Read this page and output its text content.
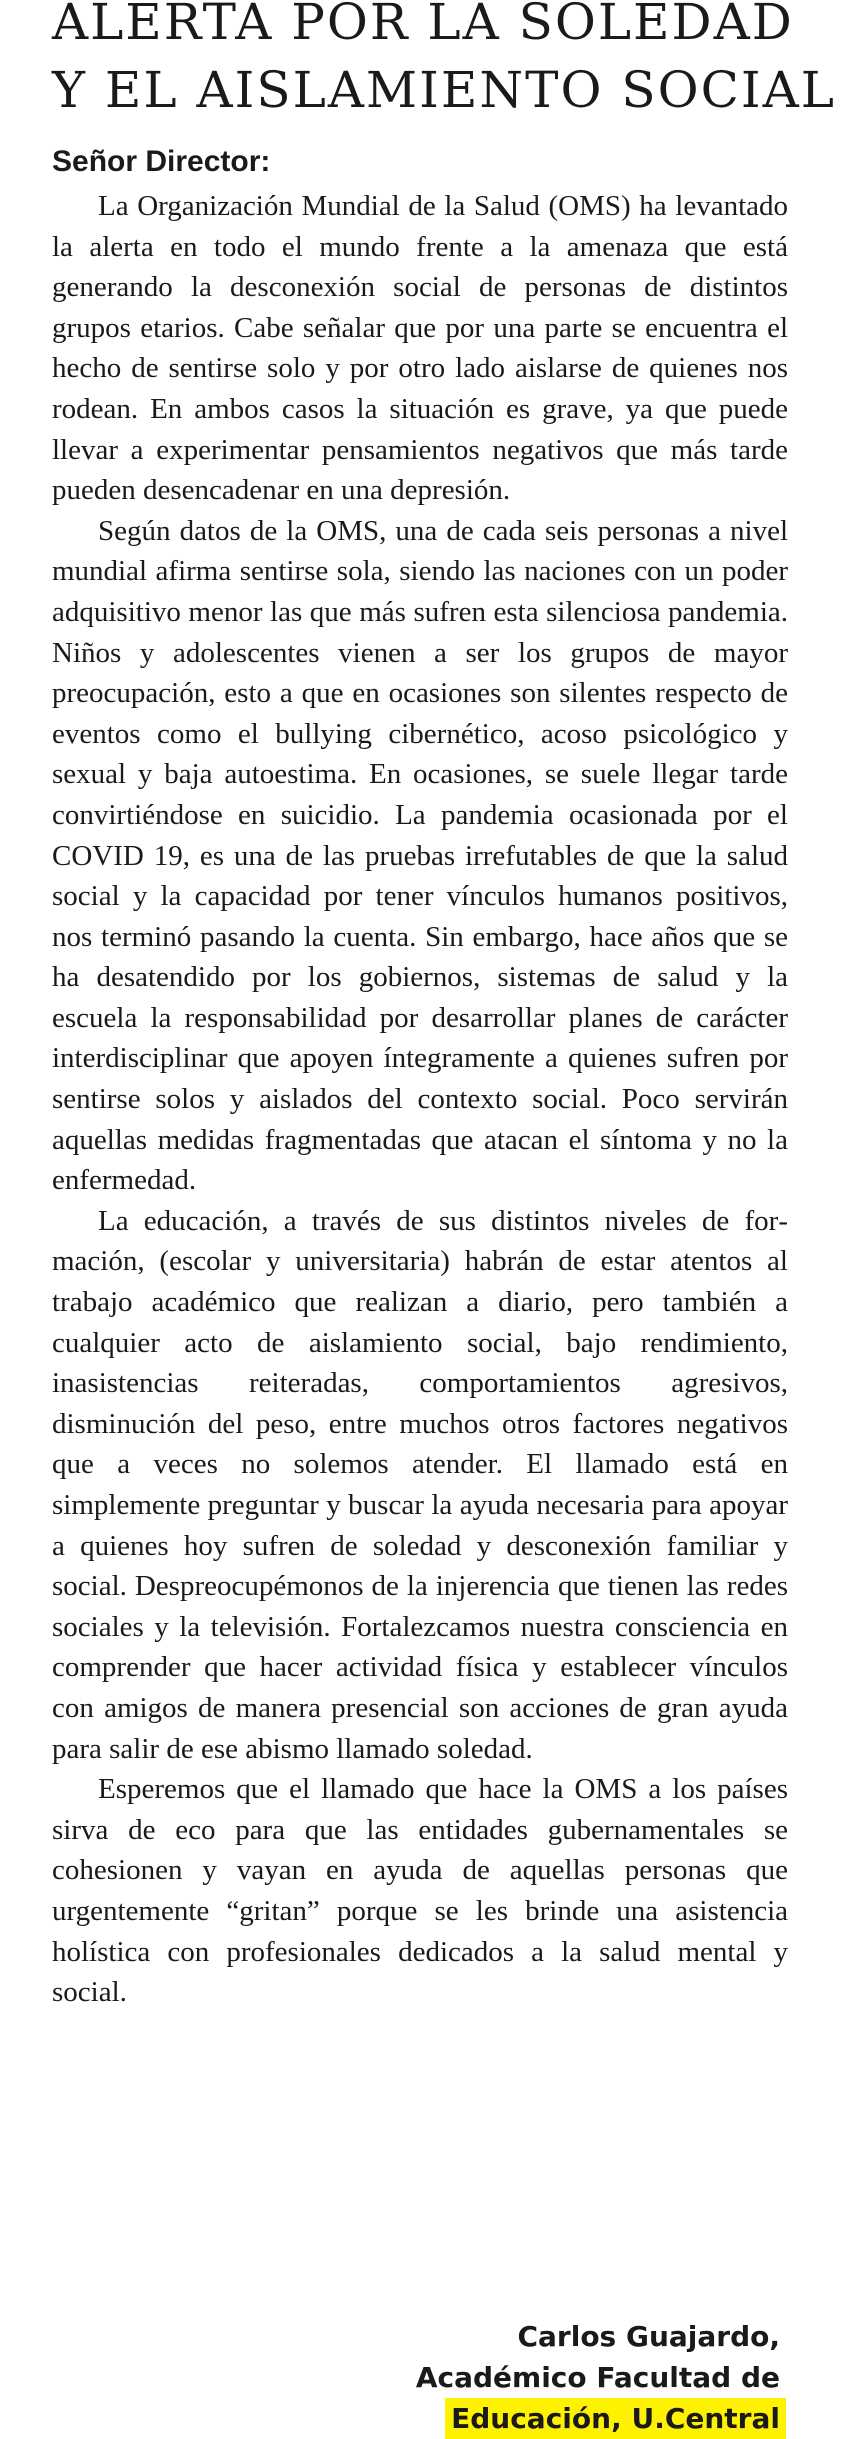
ALERTA POR LA SOLEDAD
Y EL AISLAMIENTO SOCIAL

Señor Director:

La Organización Mundial de la Salud (OMS) ha levantado la alerta en todo el mundo frente a la amenaza que está generando la desconexión social de personas de distintos grupos etarios. Cabe señalar que por una parte se encuentra el hecho de sentirse solo y por otro lado aislarse de quienes nos rodean. En ambos casos la situación es grave, ya que puede llevar a experimentar pensamientos negativos que más tarde pueden desencadenar en una depresión.

Según datos de la OMS, una de cada seis personas a nivel mundial afirma sentirse sola, siendo las naciones con un poder adquisitivo menor las que más sufren esta silenciosa pandemia. Niños y adolescentes vienen a ser los grupos de mayor preocupación, esto a que en ocasiones son silentes respecto de eventos como el bullying cibernético, acoso psicológico y sexual y baja autoestima. En ocasiones, se suele llegar tarde convirtiéndose en suicidio. La pandemia ocasionada por el COVID 19, es una de las pruebas irrefutables de que la salud social y la capacidad por tener vínculos humanos positivos, nos terminó pasando la cuenta. Sin embargo, hace años que se ha desatendido por los gobiernos, sistemas de salud y la escuela la responsabilidad por desarrollar planes de carácter interdisciplinar que apoyen íntegramente a quienes sufren por sentirse solos y aislados del contexto social. Poco servirán aquellas medidas fragmentadas que atacan el síntoma y no la enfermedad.

La educación, a través de sus distintos niveles de formación, (escolar y universitaria) habrán de estar atentos al trabajo académico que realizan a diario, pero también a cualquier acto de aislamiento social, bajo rendimiento, inasistencias reiteradas, comportamientos agresivos, disminución del peso, entre muchos otros factores negativos que a veces no solemos atender. El llamado está en simplemente preguntar y buscar la ayuda necesaria para apoyar a quienes hoy sufren de soledad y desconexión familiar y social. Despreocupémonos de la injerencia que tienen las redes sociales y la televisión. Fortalezcamos nuestra consciencia en comprender que hacer actividad física y establecer vínculos con amigos de manera presencial son acciones de gran ayuda para salir de ese abismo llamado soledad.

Esperemos que el llamado que hace la OMS a los países sirva de eco para que las entidades gubernamentales se cohesionen y vayan en ayuda de aquellas personas que urgentemente “gritan” porque se les brinde una asistencia holística con profesionales dedicados a la salud mental y social.

Carlos Guajardo,
Académico Facultad de
Educación, U.Central
